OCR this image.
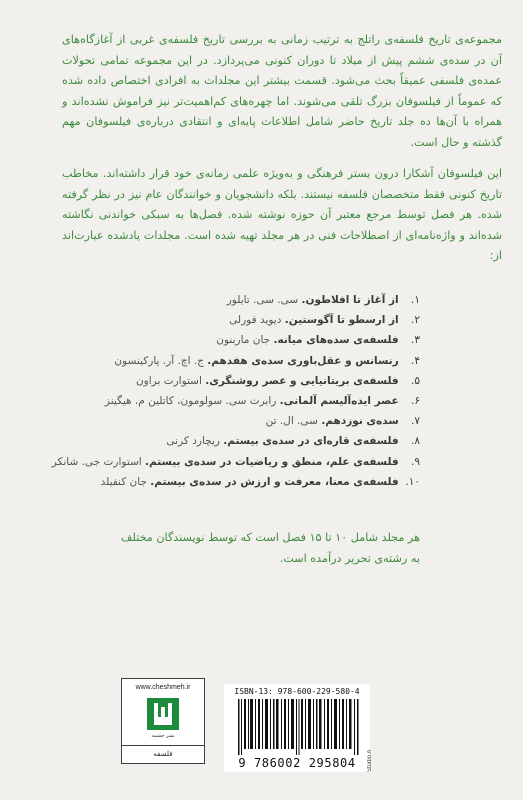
مجموعه‌ی تاریخ فلسفه‌ی راتلج به ترتیب زمانی به بررسی تاریخ فلسفه‌ی غربی از آغازگاه‌های آن در سده‌ی ششم پیش از میلاد تا دوران کنونی می‌پردازد. در این مجموعه تمامی تحولات عمده‌ی فلسفی عمیقاً بحث می‌شود. قسمت بیشتر این مجلدات به افرادی اختصاص داده شده که عموماً از فیلسوفان بزرگ تلقی می‌شوند. اما چهره‌های کم‌اهمیت‌تر نیز فراموش نشده‌اند و همراه با آن‌ها ده جلد تاریخ حاضر شامل اطلاعات پایه‌ای و انتقادی درباره‌ی فیلسوفان مهم گذشته و حال است.

این فیلسوفان آشکارا درون بستر فرهنگی و به‌ویژه علمی زمانه‌ی خود قرار داشته‌اند. مخاطب تاریخ کنونی فقط متخصصان فلسفه نیستند. بلکه دانشجویان و خوانندگان عام نیز در نظر گرفته شده. هر فصل توسط مرجع معتبر آن حوزه نوشته شده. فصل‌ها به سبکی خواندنی نگاشته شده‌اند و واژه‌نامه‌ای از اصطلاحات فنی در هر مجلد تهیه شده است. مجلدات یادشده عبارت‌اند از:

۱. از آغاز تا افلاطون. سی. سی. تایلور
۲. از ارسطو تا آگوستین. دیوید فورلی
۳. فلسفه‌ی سده‌های میانه. جان ماربنون
۴. رنسانس و عقل‌باوری سده‌ی هفدهم. ج. اچ. آر. پارکینسون
۵. فلسفه‌ی بریتانیایی و عصر روشنگری. استوارت براون
۶. عصر ایده‌آلیسم آلمانی. رابرت سی. سولومون، کاتلین م. هیگینز
۷. سده‌ی نوزدهم. سی. ال. تن
۸. فلسفه‌ی قاره‌ای در سده‌ی بیستم. ریچارد کرنی
۹. فلسفه‌ی علم، منطق و ریاضیات در سده‌ی بیستم. استوارت جی. شانکر
۱۰. فلسفه‌ی معنا، معرفت و ارزش در سده‌ی بیستم. جان کنفیلد

هر مجلد شامل ۱۰ تا ۱۵ فصل است که توسط نویسندگان مختلف به رشته‌ی تحریر درآمده است.

www.cheshmeh.ir
نشر چشمه
فلسفه
ISBN-13: 978-600-229-580-4
9 786002 295804	Studio A
